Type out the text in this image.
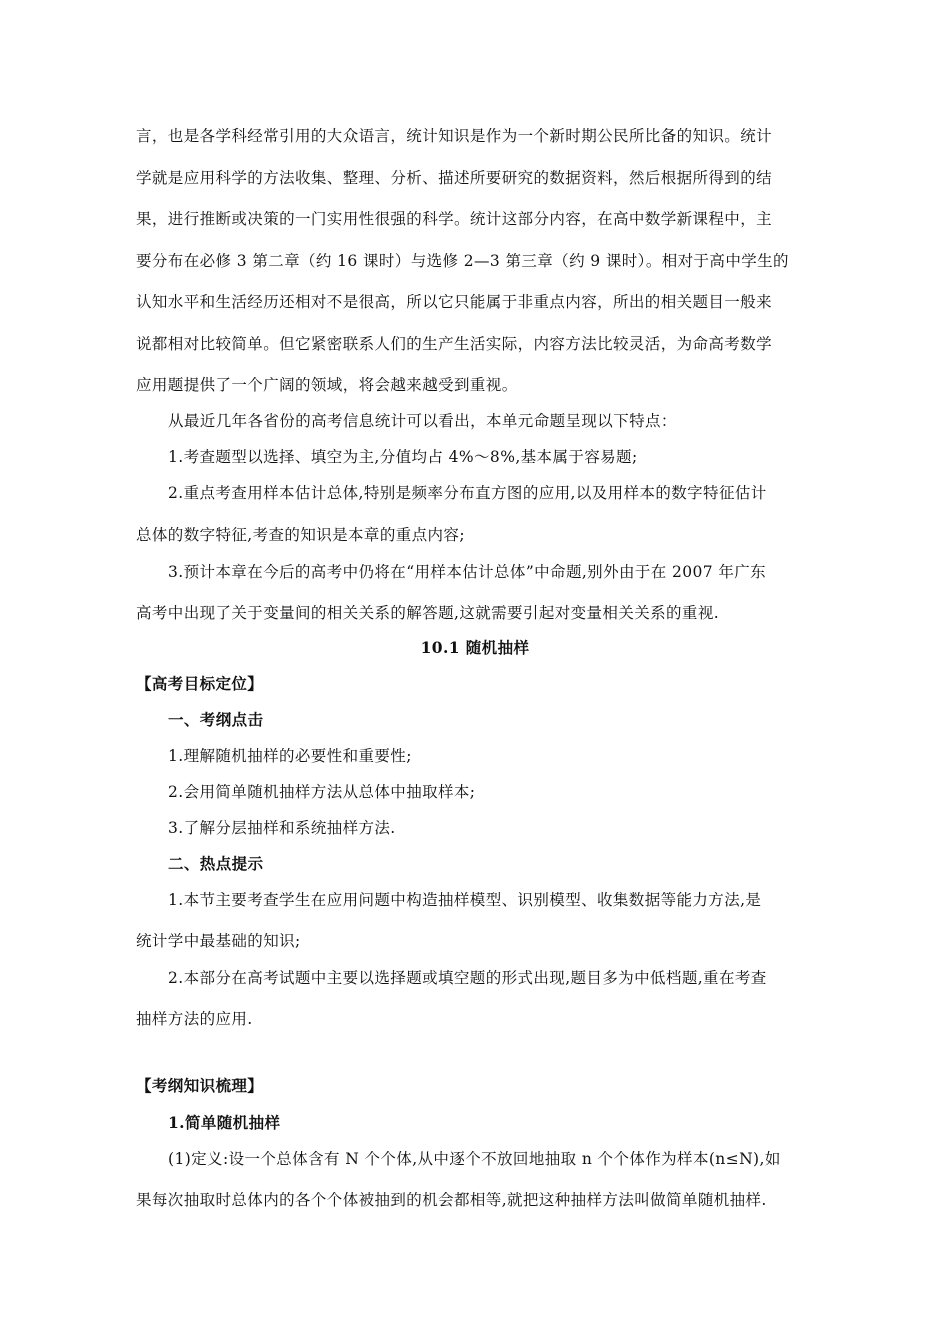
言，也是各学科经常引用的大众语言，统计知识是作为一个新时期公民所比备的知识。统计
学就是应用科学的方法收集、整理、分析、描述所要研究的数据资料，然后根据所得到的结
果，进行推断或决策的一门实用性很强的科学。统计这部分内容，在高中数学新课程中，主
要分布在必修 3 第二章（约 16 课时）与选修 2—3 第三章（约 9 课时）。相对于高中学生的
认知水平和生活经历还相对不是很高，所以它只能属于非重点内容，所出的相关题目一般来
说都相对比较简单。但它紧密联系人们的生产生活实际，内容方法比较灵活，为命高考数学
应用题提供了一个广阔的领域，将会越来越受到重视。
从最近几年各省份的高考信息统计可以看出，本单元命题呈现以下特点：
1.考查题型以选择、填空为主,分值均占 4%～8%,基本属于容易题;
2.重点考查用样本估计总体,特别是频率分布直方图的应用,以及用样本的数字特征估计
总体的数字特征,考查的知识是本章的重点内容;
3.预计本章在今后的高考中仍将在“用样本估计总体”中命题,别外由于在 2007 年广东
高考中出现了关于变量间的相关关系的解答题,这就需要引起对变量相关关系的重视.
10.1 随机抽样
【高考目标定位】
一、考纲点击
1.理解随机抽样的必要性和重要性;
2.会用简单随机抽样方法从总体中抽取样本;
3.了解分层抽样和系统抽样方法.
二、热点提示
1.本节主要考查学生在应用问题中构造抽样模型、识别模型、收集数据等能力方法,是
统计学中最基础的知识;
2.本部分在高考试题中主要以选择题或填空题的形式出现,题目多为中低档题,重在考查
抽样方法的应用.
【考纲知识梳理】
1.简单随机抽样
(1)定义:设一个总体含有 N 个个体,从中逐个不放回地抽取 n 个个体作为样本(n≤N),如
果每次抽取时总体内的各个个体被抽到的机会都相等,就把这种抽样方法叫做简单随机抽样.
